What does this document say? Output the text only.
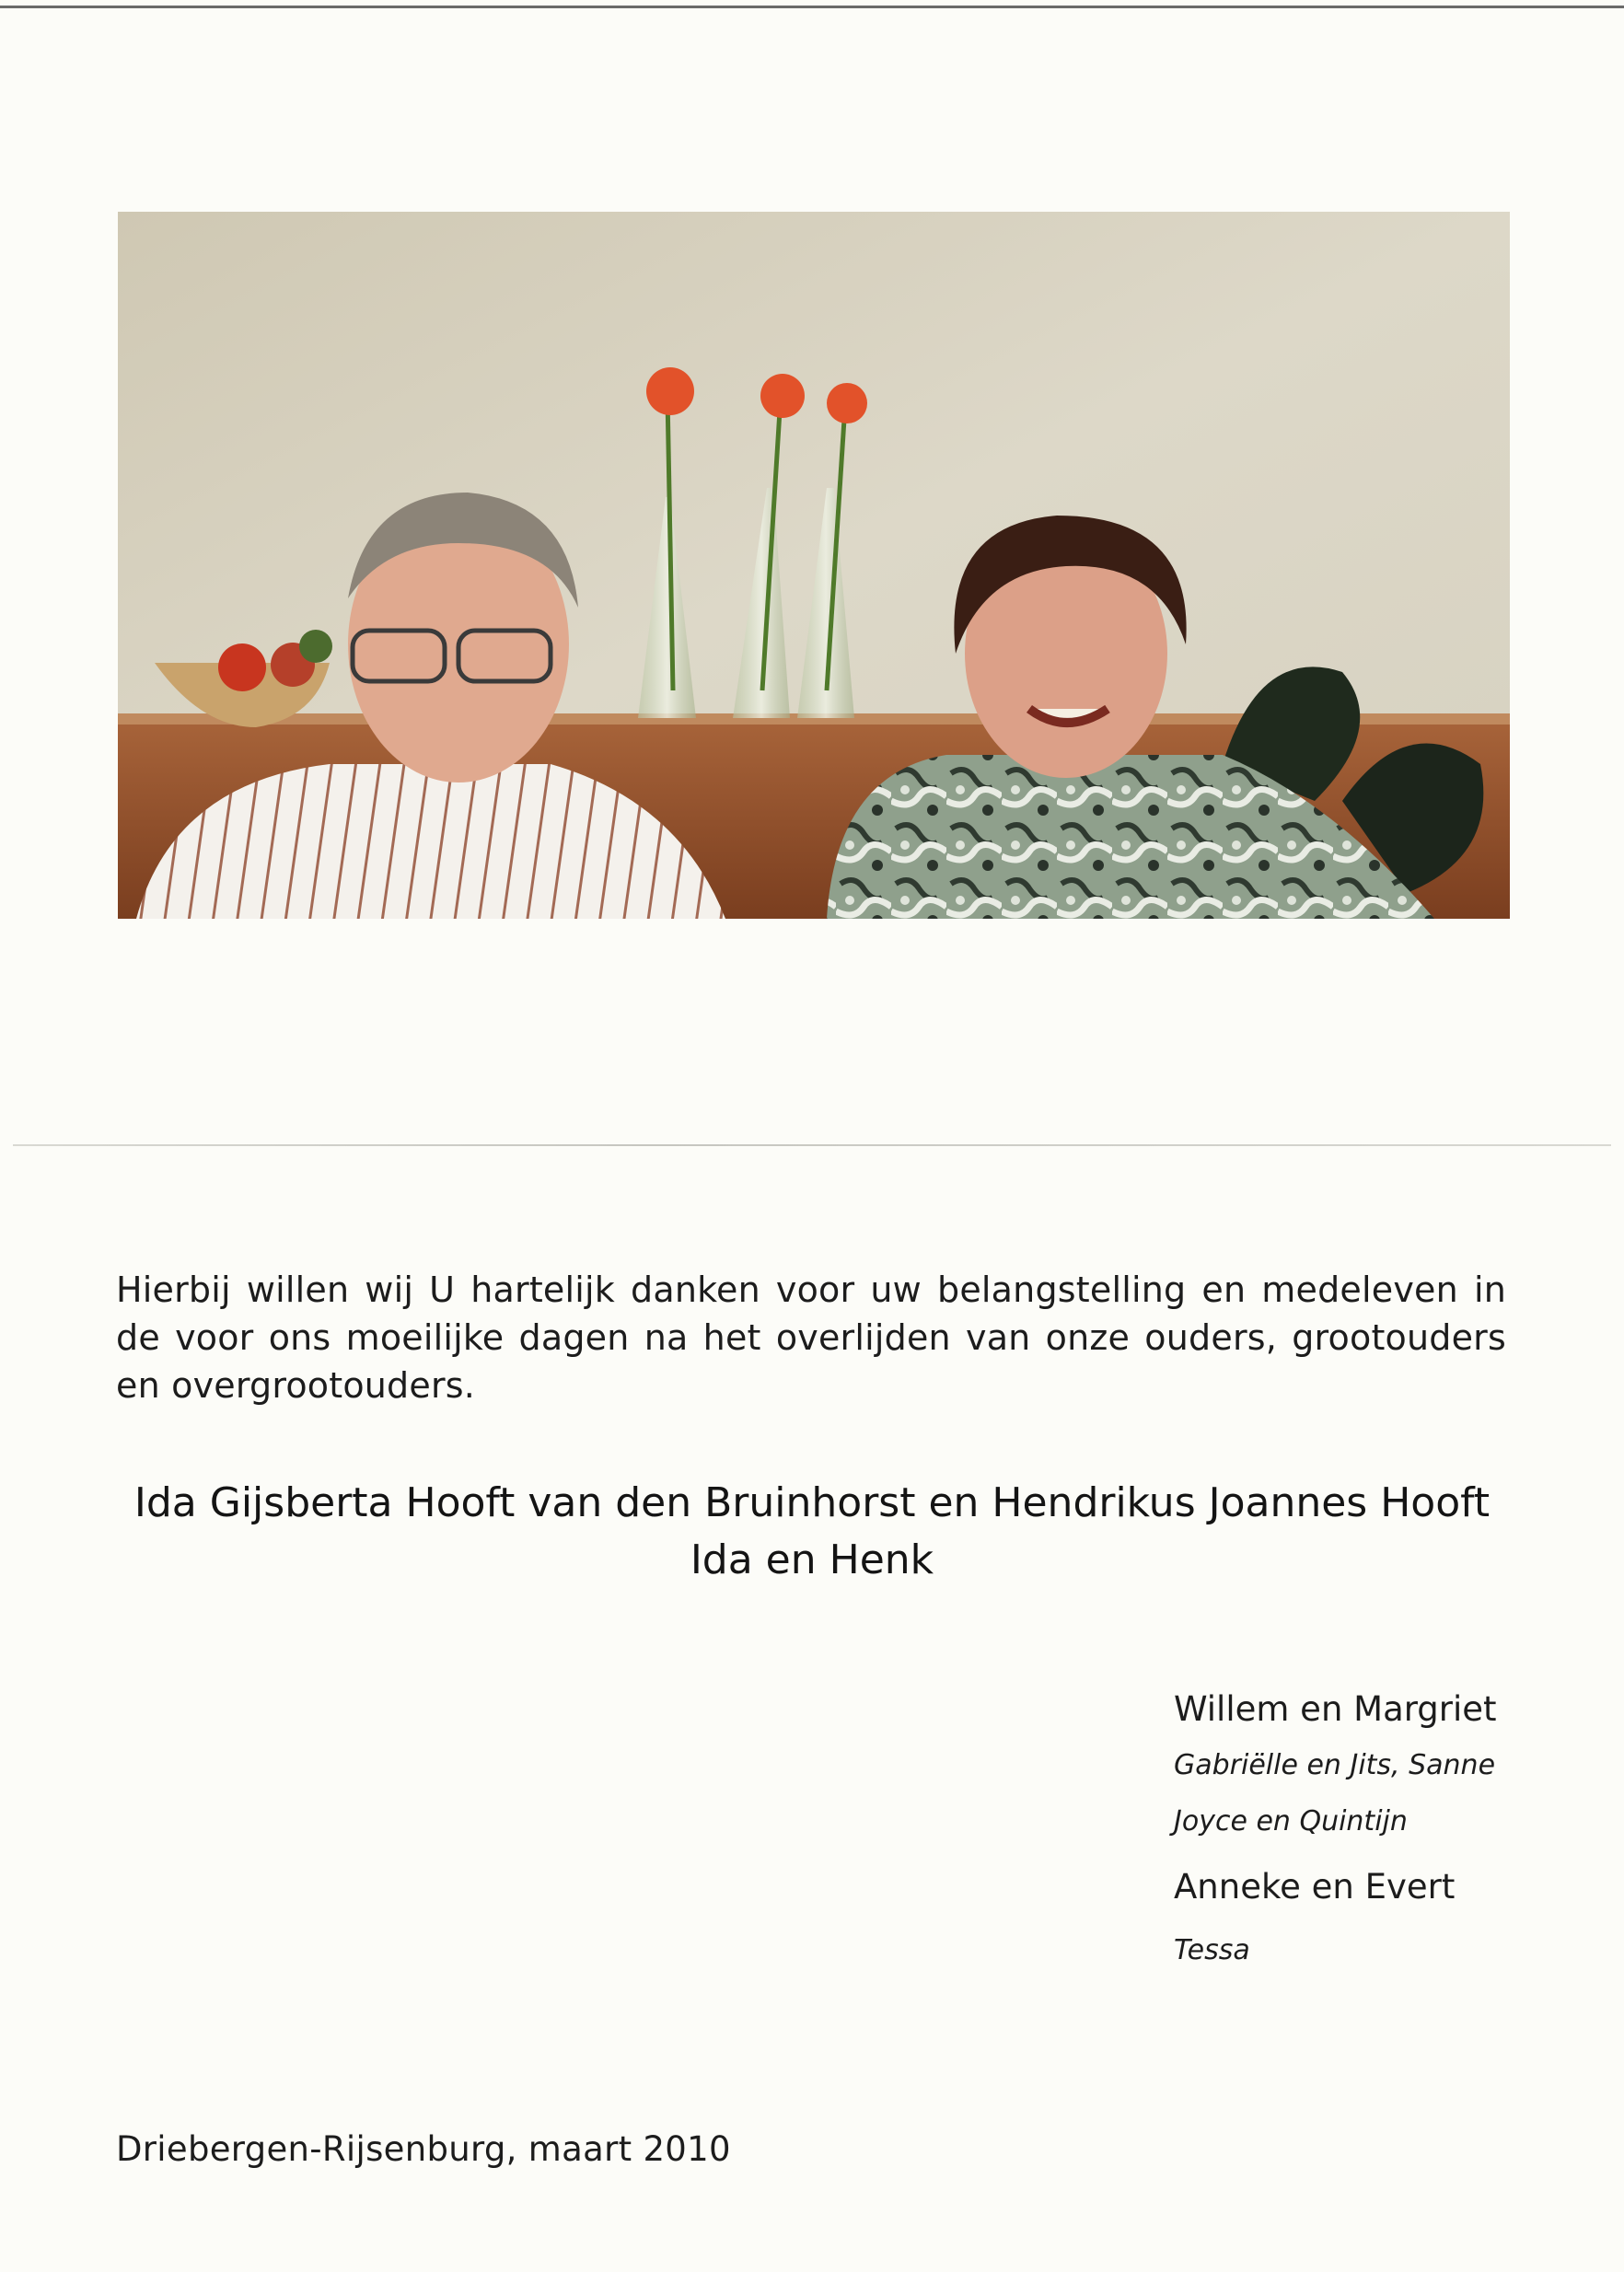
Hierbij willen wij U hartelijk danken voor uw belangstelling en medeleven in de voor ons moeilijke dagen na het overlijden van onze ouders, grootouders en overgrootouders.

Ida Gijsberta Hooft van den Bruinhorst en Hendrikus Joannes Hooft
Ida en Henk
Willem en Margriet
Gabriëlle en Jits, Sanne
Joyce en Quintijn
Anneke en Evert
Tessa
Driebergen-Rijsenburg, maart 2010
